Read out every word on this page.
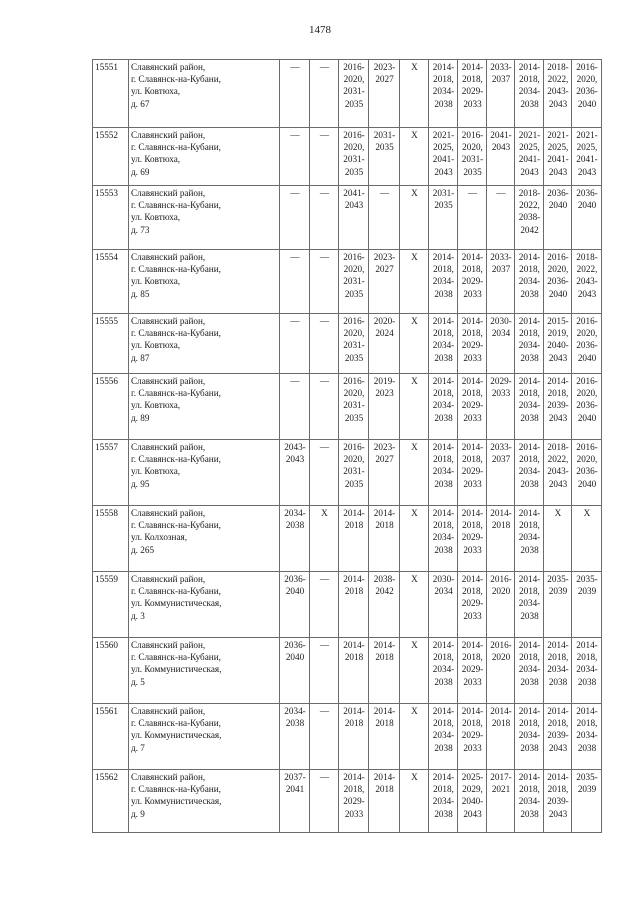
1478
15551	Славянский район,
г. Славянск-на-Кубани,
ул. Ковтюха,
д. 67	—	—	2016-
2020,
2031-
2035	2023-
2027	X	2014-
2018,
2034-
2038	2014-
2018,
2029-
2033	2033-
2037	2014-
2018,
2034-
2038	2018-
2022,
2043-
2043	2016-
2020,
2036-
2040
15552	Славянский район,
г. Славянск-на-Кубани,
ул. Ковтюха,
д. 69	—	—	2016-
2020,
2031-
2035	2031-
2035	X	2021-
2025,
2041-
2043	2016-
2020,
2031-
2035	2041-
2043	2021-
2025,
2041-
2043	2021-
2025,
2041-
2043	2021-
2025,
2041-
2043
15553	Славянский район,
г. Славянск-на-Кубани,
ул. Ковтюха,
д. 73	—	—	2041-
2043	—	X	2031-
2035	—	—	2018-
2022,
2038-
2042	2036-
2040	2036-
2040
15554	Славянский район,
г. Славянск-на-Кубани,
ул. Ковтюха,
д. 85	—	—	2016-
2020,
2031-
2035	2023-
2027	X	2014-
2018,
2034-
2038	2014-
2018,
2029-
2033	2033-
2037	2014-
2018,
2034-
2038	2016-
2020,
2036-
2040	2018-
2022,
2043-
2043
15555	Славянский район,
г. Славянск-на-Кубани,
ул. Ковтюха,
д. 87	—	—	2016-
2020,
2031-
2035	2020-
2024	X	2014-
2018,
2034-
2038	2014-
2018,
2029-
2033	2030-
2034	2014-
2018,
2034-
2038	2015-
2019,
2040-
2043	2016-
2020,
2036-
2040
15556	Славянский район,
г. Славянск-на-Кубани,
ул. Ковтюха,
д. 89	—	—	2016-
2020,
2031-
2035	2019-
2023	X	2014-
2018,
2034-
2038	2014-
2018,
2029-
2033	2029-
2033	2014-
2018,
2034-
2038	2014-
2018,
2039-
2043	2016-
2020,
2036-
2040
15557	Славянский район,
г. Славянск-на-Кубани,
ул. Ковтюха,
д. 95	2043-
2043	—	2016-
2020,
2031-
2035	2023-
2027	X	2014-
2018,
2034-
2038	2014-
2018,
2029-
2033	2033-
2037	2014-
2018,
2034-
2038	2018-
2022,
2043-
2043	2016-
2020,
2036-
2040
15558	Славянский район,
г. Славянск-на-Кубани,
ул. Колхозная,
д. 265	2034-
2038	X	2014-
2018	2014-
2018	X	2014-
2018,
2034-
2038	2014-
2018,
2029-
2033	2014-
2018	2014-
2018,
2034-
2038	X	X
15559	Славянский район,
г. Славянск-на-Кубани,
ул. Коммунистическая,
д. 3	2036-
2040	—	2014-
2018	2038-
2042	X	2030-
2034	2014-
2018,
2029-
2033	2016-
2020	2014-
2018,
2034-
2038	2035-
2039	2035-
2039
15560	Славянский район,
г. Славянск-на-Кубани,
ул. Коммунистическая,
д. 5	2036-
2040	—	2014-
2018	2014-
2018	X	2014-
2018,
2034-
2038	2014-
2018,
2029-
2033	2016-
2020	2014-
2018,
2034-
2038	2014-
2018,
2034-
2038	2014-
2018,
2034-
2038
15561	Славянский район,
г. Славянск-на-Кубани,
ул. Коммунистическая,
д. 7	2034-
2038	—	2014-
2018	2014-
2018	X	2014-
2018,
2034-
2038	2014-
2018,
2029-
2033	2014-
2018	2014-
2018,
2034-
2038	2014-
2018,
2039-
2043	2014-
2018,
2034-
2038
15562	Славянский район,
г. Славянск-на-Кубани,
ул. Коммунистическая,
д. 9	2037-
2041	—	2014-
2018,
2029-
2033	2014-
2018	X	2014-
2018,
2034-
2038	2025-
2029,
2040-
2043	2017-
2021	2014-
2018,
2034-
2038	2014-
2018,
2039-
2043	2035-
2039
